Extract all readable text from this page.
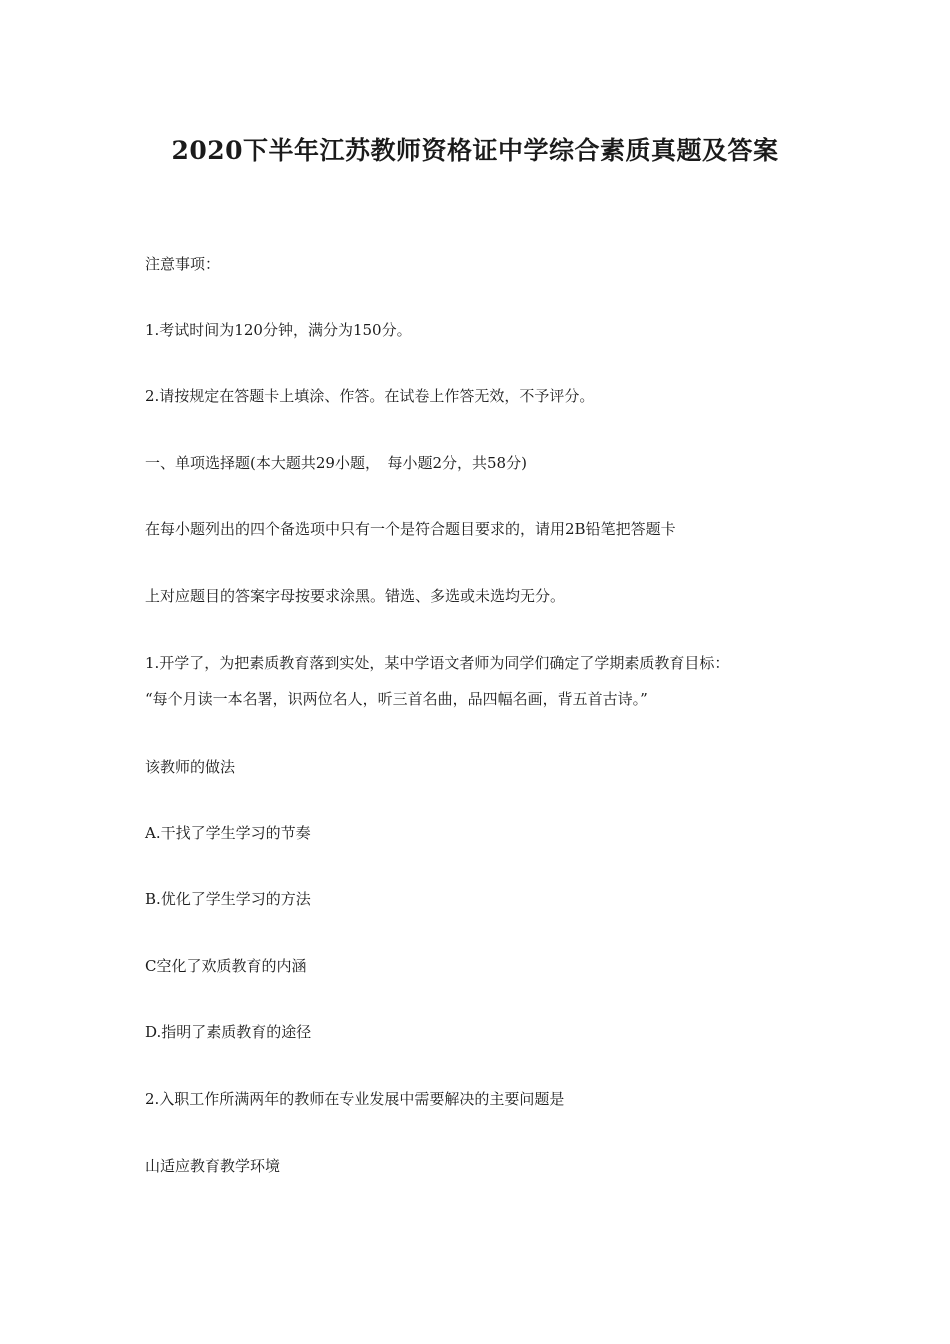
2020下半年江苏教师资格证中学综合素质真题及答案
注意事项：
1.考试时间为120分钟，满分为150分。
2.请按规定在答题卡上填涂、作答。在试卷上作答无效，不予评分。
一、单项选择题(本大题共29小题，　每小题2分，共58分)
在每小题列出的四个备选项中只有一个是符合题目要求的，请用2B铅笔把答题卡
上对应题目的答案字母按要求涂黑。错选、多选或未选均无分。
1.开学了，为把素质教育落到实处，某中学语文者师为同学们确定了学期素质教育目标：
“每个月读一本名署，识两位名人，听三首名曲，品四幅名画，背五首古诗。”
该教师的做法
A.干找了学生学习的节奏
B.优化了学生学习的方法
C空化了欢质教育的内涵
D.指明了素质教育的途径
2.入职工作所满两年的教师在专业发展中需要解决的主要问题是
山适应教育教学环境
